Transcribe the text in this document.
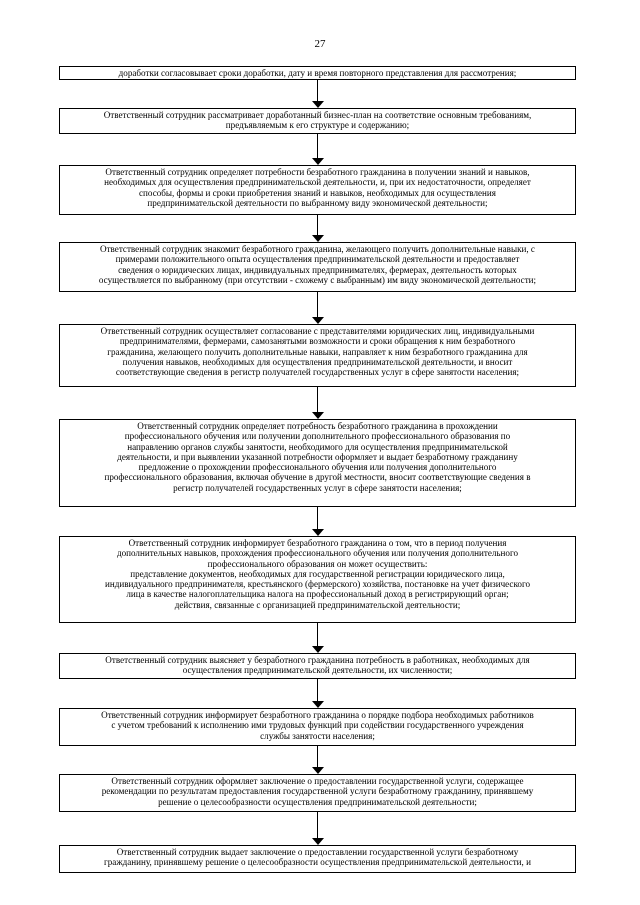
27
доработки согласовывает сроки доработки, дату и время повторного представления для рассмотрения;
Ответственный сотрудник рассматривает доработанный бизнес-план на соответствие основным требованиям,
предъявляемым к его структуре и содержанию;
Ответственный сотрудник определяет потребности безработного гражданина в получении знаний и навыков,
необходимых для осуществления предпринимательской деятельности, и, при их недостаточности, определяет
способы, формы и сроки приобретения знаний и навыков, необходимых для осуществления
предпринимательской деятельности по выбранному виду экономической деятельности;
Ответственный сотрудник знакомит безработного гражданина, желающего получить дополнительные навыки, с
примерами положительного опыта осуществления предпринимательской деятельности и предоставляет
сведения о юридических лицах, индивидуальных предпринимателях, фермерах, деятельность которых
осуществляется по выбранному (при отсутствии - схожему с выбранным) им виду экономической деятельности;
Ответственный сотрудник осуществляет согласование с представителями юридических лиц, индивидуальными
предпринимателями, фермерами, самозанятыми возможности и сроки обращения к ним безработного
гражданина, желающего получить дополнительные навыки, направляет к ним безработного гражданина для
получения навыков, необходимых для осуществления предпринимательской деятельности, и вносит
соответствующие сведения в регистр получателей государственных услуг в сфере занятости населения;
Ответственный сотрудник определяет потребность безработного гражданина в прохождении
профессионального обучения или получении дополнительного профессионального образования по
направлению органов службы занятости, необходимого для осуществления предпринимательской
деятельности, и при выявлении указанной потребности оформляет и выдает безработному гражданину
предложение о прохождении профессионального обучения или получения дополнительного
профессионального образования, включая обучение в другой местности, вносит соответствующие сведения в
регистр получателей государственных услуг в сфере занятости населения;
Ответственный сотрудник информирует безработного гражданина о том, что в период получения
дополнительных навыков, прохождения профессионального обучения или получения дополнительного
профессионального образования он может осуществить:
представление документов, необходимых для государственной регистрации юридического лица,
индивидуального предпринимателя, крестьянского (фермерского) хозяйства, постановке на учет физического
лица в качестве налогоплательщика налога на профессиональный доход в регистрирующий орган;
действия, связанные с организацией предпринимательской деятельности;
Ответственный сотрудник выясняет у безработного гражданина потребность в работниках, необходимых для
осуществления предпринимательской деятельности, их численности;
Ответственный сотрудник информирует безработного гражданина о порядке подбора необходимых работников
с учетом требований к исполнению ими трудовых функций при содействии государственного учреждения
службы занятости населения;
Ответственный сотрудник оформляет заключение о предоставлении государственной услуги, содержащее
рекомендации по результатам предоставления государственной услуги безработному гражданину, принявшему
решение о целесообразности осуществления предпринимательской деятельности;
Ответственный сотрудник выдает заключение о предоставлении государственной услуги безработному
гражданину, принявшему решение о целесообразности осуществления предпринимательской деятельности, и
